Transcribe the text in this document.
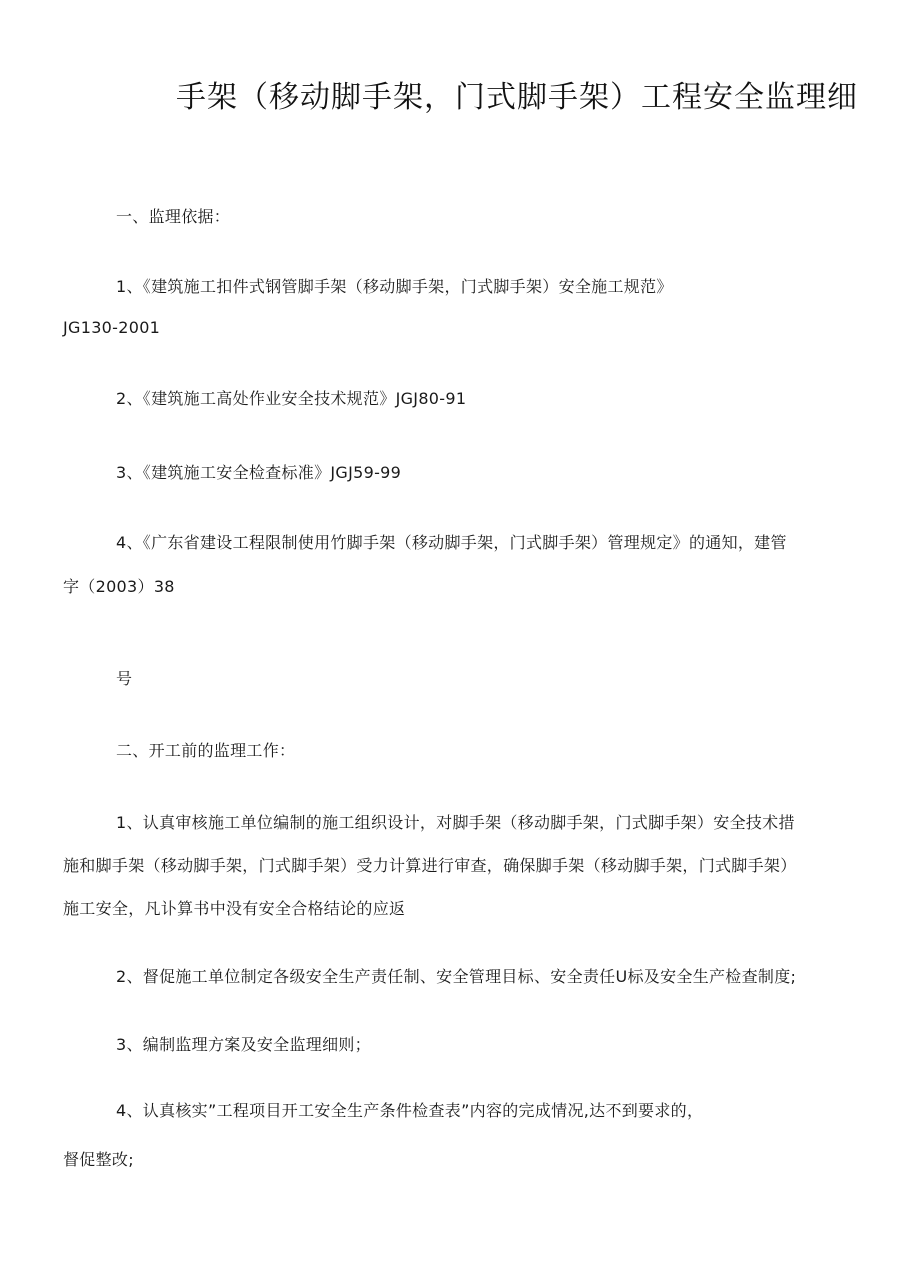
手架（移动脚手架，门式脚手架）工程安全监理细
一、监理依据：
1、《建筑施工扣件式钢管脚手架（移动脚手架，门式脚手架）安全施工规范》
JG130-2001
2、《建筑施工高处作业安全技术规范》JGJ80-91
3、《建筑施工安全检查标准》JGJ59-99
4、《广东省建设工程限制使用竹脚手架（移动脚手架，门式脚手架）管理规定》的通知，建管
字（2003）38
号
二、开工前的监理工作：
1、认真审核施工单位编制的施工组织设计，对脚手架（移动脚手架，门式脚手架）安全技术措
施和脚手架（移动脚手架，门式脚手架）受力计算进行审查，确保脚手架（移动脚手架，门式脚手架）
施工安全，凡讣算书中没有安全合格结论的应返
2、督促施工单位制定各级安全生产责任制、安全管理目标、安全责任U标及安全生产检查制度;
3、编制监理方案及安全监理细则；
4、认真核实”工程项目开工安全生产条件检查表”内容的完成情况,达不到要求的，
督促整改;
